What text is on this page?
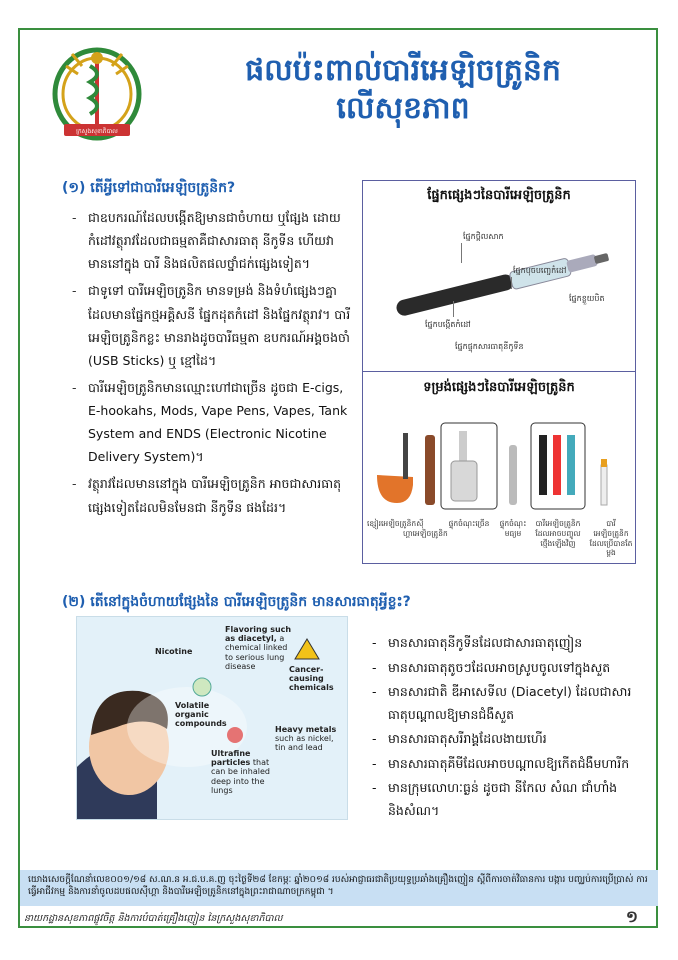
ក្រសួងសុខាភិបាល
ផលប៉ះពាល់បារីអេឡិចត្រូនិក
លើសុខភាព
(១) តើអ្វីទៅជាបារីអេឡិចត្រូនិក?
- ជាឧបករណ៍ដែលបង្កើតឱ្យមានជាចំហាយ ឬផ្សែង ដោយកំដៅវត្ថុរាវដែលជាធម្មតាគឺជាសារធាតុ នីកូទីន ហើយវាមាននៅក្នុង បារី និងផលិតផលថ្នាំជក់ផ្សេងទៀត។
- ជាទូទៅ បារីអេឡិចត្រូនិក មានទម្រង់ និងទំហំផ្សេងៗគ្នា ដែលមានផ្នែកថ្មអគ្គិសនី ផ្នែកដុតកំដៅ និងផ្នែកវត្ថុរាវ។ បារីអេឡិចត្រូនិកខ្លះ មានរាងដូចបារីធម្មតា ឧបករណ៍អង្គចងចាំ (USB Sticks) ឬ ខ្មៅដៃ។
- បារីអេឡិចត្រូនិកមានឈ្មោះហៅជាច្រើន ដូចជា E-cigs, E-hookahs, Mods, Vape Pens, Vapes, Tank System and ENDS (Electronic Nicotine Delivery System)។
- វត្ថុរាវដែលមាននៅក្នុង បារីអេឡិចត្រូនិក អាចជាសារធាតុផ្សេងទៀតដែលមិនមែនជា នីកូទីន ផងដែរ។
ផ្នែកផ្សេងៗនៃបារីអេឡិចត្រូនិក
ផ្នែកថ្ពិលសាក
ផ្នែកបុចបញ្ចេកំដៅ
ផ្នែកខ្លួយបិត
ផ្នែកបង្កើតកំដៅ
ផ្នែកផ្ទុកសារធាតុនីកូទីន
ទម្រង់ផ្សេងៗនៃបារីអេឡិចត្រូនិក
ខ្សៀរអេឡិចត្រូនិក ស៊ីហ្គាអេឡិចត្រូនិក
ផ្ទុកចំណុះច្រើន	ផ្ទុកចំណុះមធ្យម
បារីអេឡិចត្រូនិកដែលអាចបញ្ចូលថ្មើងឡើងវិញ
បារីអេឡិចត្រូនិកដែលប្រើបានតែម្តង
(២) តើនៅក្នុងចំហាយផ្សែងនៃ បារីអេឡិចត្រូនិក មានសារធាតុអ្វីខ្លះ?
Nicotine
Flavoring such as diacetyl, a chemical linked to serious lung disease	Cancer-causing chemicals
Volatile organic compounds
Heavy metals
such as nickel, tin and lead
Ultrafine particles that can be inhaled deep into the lungs
- មានសារធាតុនីកូទីនដែលជាសារធាតុញៀន
- មានសារធាតុតូចៗដែលអាចស្រូបចូលទៅក្នុងសួត
- មានសារជាតិ ឌីអាសេទីល (Diacetyl) ដែលជាសារធាតុបណ្តាលឱ្យមានជំងឺសួត
- មានសារធាតុសរីរាង្គដែលងាយហើរ
- មានសារធាតុគីមីដែលអាចបណ្តាលឱ្យកើតជំងឺមហារីក
- មានក្រុមលោហៈធ្ងន់ ដូចជា នីកែល សំណ ជាំហាំង និងសំណ។
យោងសេចក្តីណែនាំលេខ០០១/១៨ ស.ណ.ន អ.ជ.ប.គ.ញ ចុះថ្ងៃទី២៨ ខែកម្ភៈ ឆ្នាំ២០១៨ របស់អាជ្ញាធរជាតិប្រយុទ្ធប្រឆាំងគ្រឿងញៀន ស្តីពីការចាត់វិធានការ បង្ការ បញ្ឈប់ការប្រើប្រាស់ ការធ្វើអាជីវកម្ម និងការនាំចូលដបផលស៊ីហ្គា និងបារីអេឡិចត្រូនិកនៅក្នុងព្រះរាជាណាចក្រកម្ពុជា ។
នាយកដ្ឋានសុខភាពផ្លូវចិត្ត និងការបំបាត់គ្រឿងញៀន នៃក្រសួងសុខាភិបាល	១
